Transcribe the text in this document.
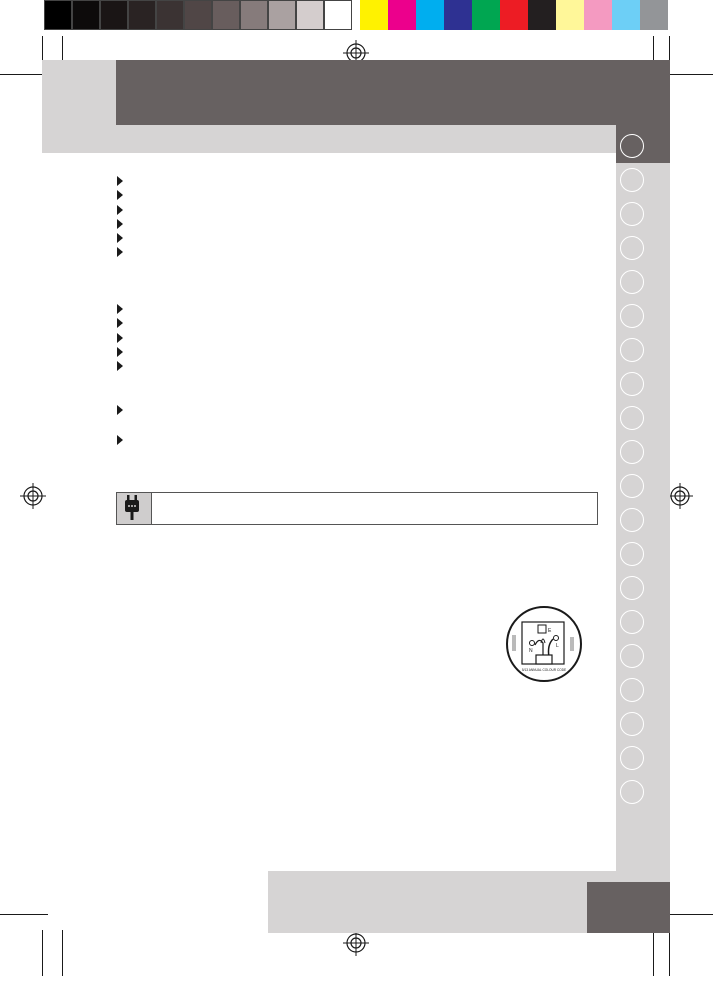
E
N
L
5/13 ANNUAL COLOUR CODE
